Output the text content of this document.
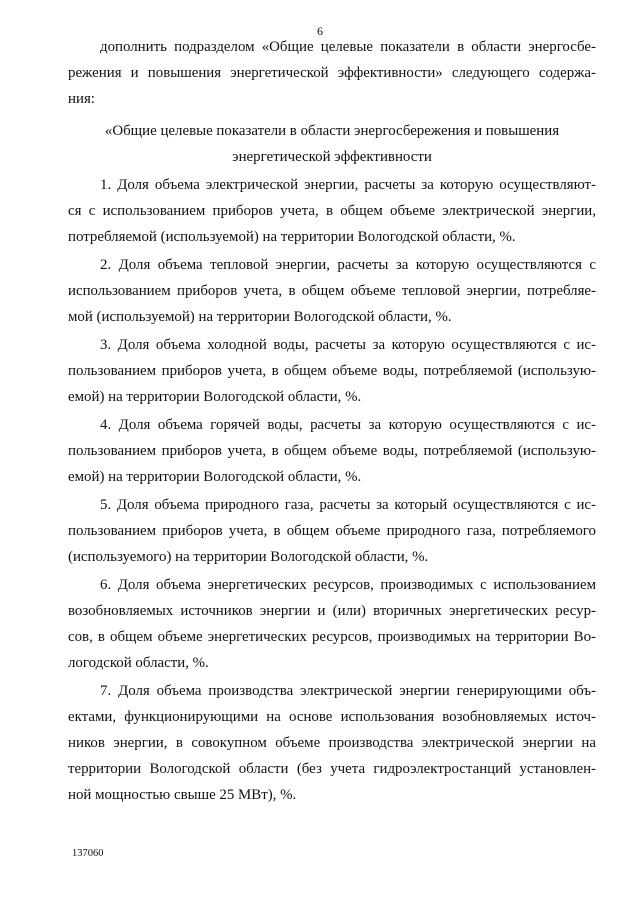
6
дополнить подразделом «Общие целевые показатели в области энергосбе-
режения и повышения энергетической эффективности» следующего содержа-
ния:
«Общие целевые показатели в области энергосбережения и повышения
энергетической эффективности
1. Доля объема электрической энергии, расчеты за которую осуществляют-
ся с использованием приборов учета, в общем объеме электрической энергии,
потребляемой (используемой) на территории Вологодской области, %.
2. Доля объема тепловой энергии, расчеты за которую осуществляются с
использованием приборов учета, в общем объеме тепловой энергии, потребляе-
мой (используемой) на территории Вологодской области, %.
3. Доля объема холодной воды, расчеты за которую осуществляются с ис-
пользованием приборов учета, в общем объеме воды, потребляемой (использую-
емой) на территории Вологодской области, %.
4. Доля объема горячей воды, расчеты за которую осуществляются с ис-
пользованием приборов учета, в общем объеме воды, потребляемой (использую-
емой) на территории Вологодской области, %.
5. Доля объема природного газа, расчеты за который осуществляются с ис-
пользованием приборов учета, в общем объеме природного газа, потребляемого
(используемого) на территории Вологодской области, %.
6. Доля объема энергетических ресурсов, производимых с использованием
возобновляемых источников энергии и (или) вторичных энергетических ресур-
сов, в общем объеме энергетических ресурсов, производимых на территории Во-
логодской области, %.
7. Доля объема производства электрической энергии генерирующими объ-
ектами, функционирующими на основе использования возобновляемых источ-
ников энергии, в совокупном объеме производства электрической энергии на
территории Вологодской области (без учета гидроэлектростанций установлен-
ной мощностью свыше 25 МВт), %.
137060
